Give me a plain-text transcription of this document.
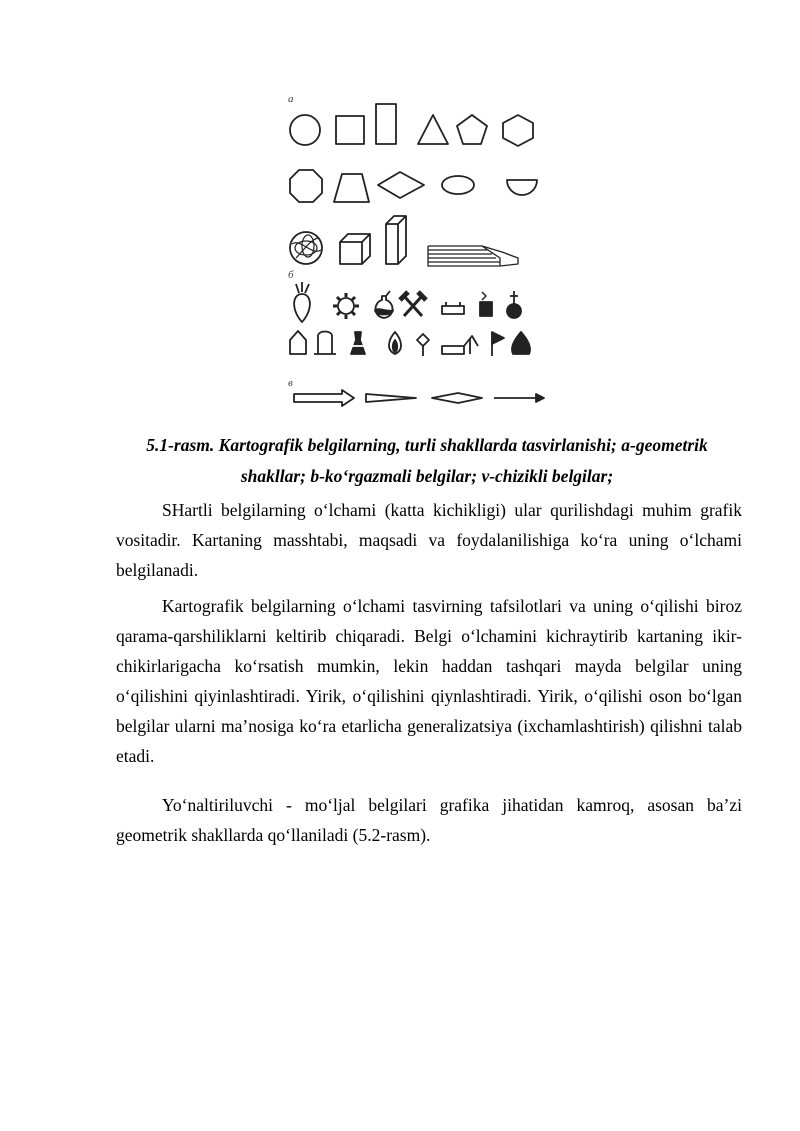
a
б
в
5.1-rasm. Kartografik belgilarning, turli shakllarda tasvirlanishi; a-geometrik shakllar; b-koʻrgazmali belgilar; v-chizikli belgilar;

SHartli belgilarning oʻlchami (katta kichikligi) ular qurilishdagi muhim grafik vositadir. Kartaning masshtabi, maqsadi va foydalanilishiga koʻra uning oʻlchami belgilanadi.

Kartografik belgilarning oʻlchami tasvirning tafsilotlari va uning oʻqilishi biroz qarama-qarshiliklarni keltirib chiqaradi. Belgi oʻlchamini kichraytirib kartaning ikir-chikirlarigacha koʻrsatish mumkin, lekin haddan tashqari mayda belgilar uning oʻqilishini qiyinlashtiradi. Yirik, oʻqilishini qiynlashtiradi. Yirik, oʻqilishi oson boʻlgan belgilar ularni maʼnosiga koʻra etarlicha generalizatsiya (ixchamlashtirish) qilishni talab etadi.

Yoʻnaltiriluvchi - moʻljal belgilari grafika jihatidan kamroq, asosan baʼzi geometrik shakllarda qoʻllaniladi (5.2-rasm).
